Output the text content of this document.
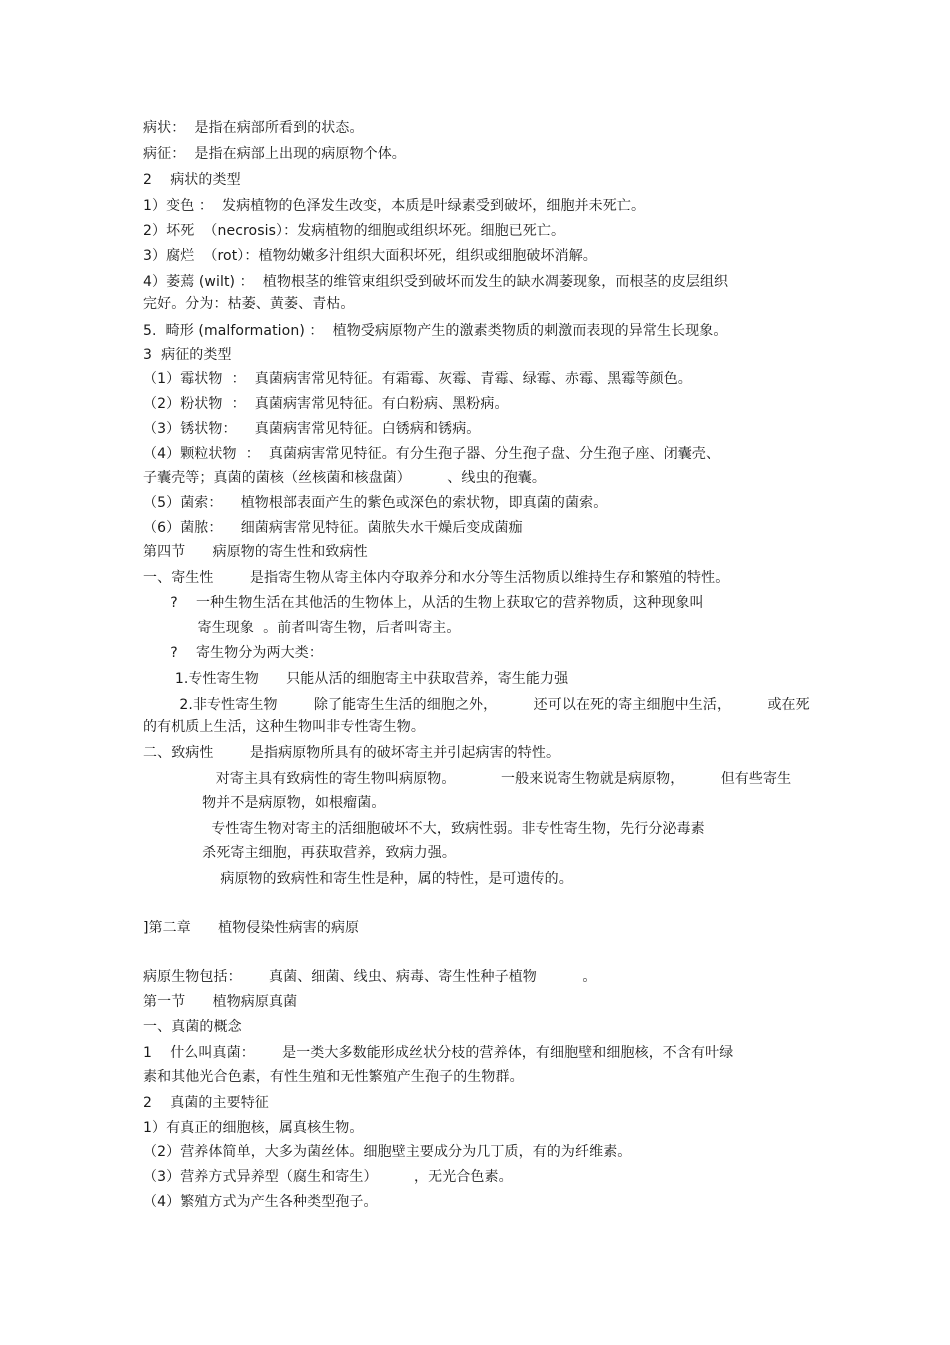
病状：  是指在病部所看到的状态。
病征：  是指在病部上出现的病原物个体。
2    病状的类型
1）变色 ：  发病植物的色泽发生改变，本质是叶绿素受到破坏，细胞并未死亡。
2）坏死  （necrosis）：发病植物的细胞或组织坏死。细胞已死亡。
3）腐烂  （rot）：植物幼嫩多汁组织大面积坏死，组织或细胞破坏消解。
4）萎蔫 (wilt) ：  植物根茎的维管束组织受到破坏而发生的缺水凋萎现象，而根茎的皮层组织
完好。分为：枯萎、黄萎、青枯。
5.  畸形 (malformation) ：  植物受病原物产生的激素类物质的刺激而表现的异常生长现象。
3  病征的类型
（1）霉状物  ：  真菌病害常见特征。有霜霉、灰霉、青霉、绿霉、赤霉、黑霉等颜色。
（2）粉状物  ：  真菌病害常见特征。有白粉病、黑粉病。
（3）锈状物：    真菌病害常见特征。白锈病和锈病。
（4）颗粒状物  ：  真菌病害常见特征。有分生孢子器、分生孢子盘、分生孢子座、闭囊壳、
子囊壳等；真菌的菌核（丝核菌和核盘菌）        、线虫的孢囊。
（5）菌索：    植物根部表面产生的紫色或深色的索状物，即真菌的菌索。
（6）菌脓：    细菌病害常见特征。菌脓失水干燥后变成菌痂
第四节      病原物的寄生性和致病性
一、寄生性        是指寄生物从寄主体内夺取养分和水分等生活物质以维持生存和繁殖的特性。
?    一种生物生活在其他活的生物体上，从活的生物上获取它的营养物质，这种现象叫
寄生现象  。前者叫寄生物，后者叫寄主。
?    寄生物分为两大类：
1.专性寄生物      只能从活的细胞寄主中获取营养，寄生能力强
2.非专性寄生物        除了能寄生生活的细胞之外，        还可以在死的寄主细胞中生活，        或在死
的有机质上生活，这种生物叫非专性寄生物。
二、致病性        是指病原物所具有的破坏寄主并引起病害的特性。
对寄主具有致病性的寄生物叫病原物。          一般来说寄生物就是病原物，        但有些寄生
物并不是病原物，如根瘤菌。
专性寄生物对寄主的活细胞破坏不大，致病性弱。非专性寄生物，先行分泌毒素
杀死寄主细胞，再获取营养，致病力强。
病原物的致病性和寄生性是种，属的特性，是可遗传的。
]第二章      植物侵染性病害的病原
病原生物包括：      真菌、细菌、线虫、病毒、寄生性种子植物          。
第一节      植物病原真菌
一、真菌的概念
1    什么叫真菌：      是一类大多数能形成丝状分枝的营养体，有细胞壁和细胞核，不含有叶绿
素和其他光合色素，有性生殖和无性繁殖产生孢子的生物群。
2    真菌的主要特征
1）有真正的细胞核，属真核生物。
（2）营养体简单，大多为菌丝体。细胞壁主要成分为几丁质，有的为纤维素。
（3）营养方式异养型（腐生和寄生）        ，无光合色素。
（4）繁殖方式为产生各种类型孢子。
